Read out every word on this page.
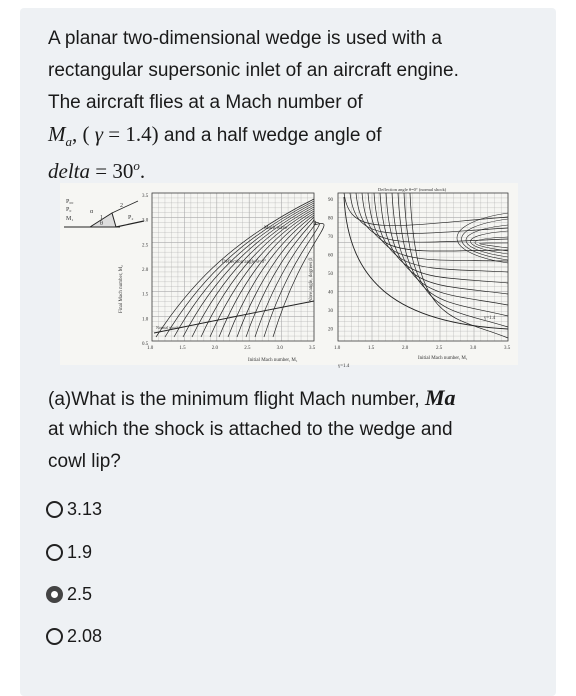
A planar two-dimensional wedge is used with a
rectangular supersonic inlet of an aircraft engine.
The aircraft flies at a Mach number of
$M_a$, ( γ = 1.4) and a half wedge angle of
delta = $30^o$.
P₀₀
P₀
M₁	P₂
α
θ
2
1
Final Mach number, M₂
Initial Mach number, M₁
Deflection angle θ=0°
Mach wave
Normal shock
γ=1.4
1.0	1.5	2.0	2.5	3.0	3.5
3.5
3.0
2.5
2.0
1.5
1.0
0.5
Deflection angle θ=0° (normal shock)
Wave angle, degrees β
Initial Mach number, M₁
γ=1.4
1.0	1.5	2.0	2.5	3.0	3.5
90
80
70
60
50
40
30
20
(a)What is the minimum flight Mach number, Ma
at which the shock is attached to the wedge and
cowl lip?
3.13
1.9
2.5
2.08
